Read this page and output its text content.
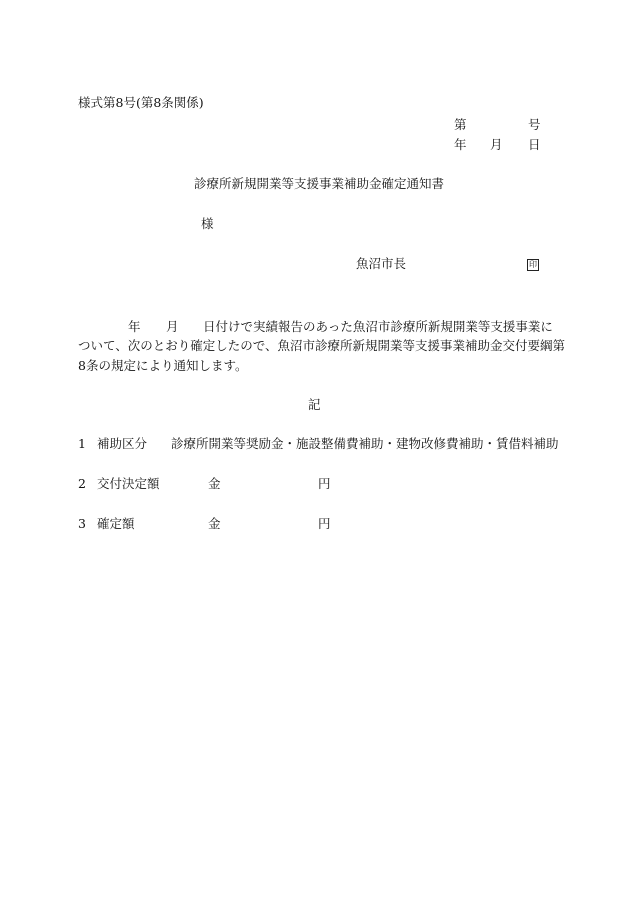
様式第8号(第8条関係)
第	号
年 月 日
診療所新規開業等支援事業補助金確定通知書
様
魚沼市長	印
年 月 日付けで実績報告のあった魚沼市診療所新規開業等支援事業に
ついて、次のとおり確定したので、魚沼市診療所新規開業等支援事業補助金交付要綱第
8条の規定により通知します。
記
1 補助区分 診療所開業等奨励金・施設整備費補助・建物改修費補助・賃借料補助
2 交付決定額	金	円
3 確定額	金	円
